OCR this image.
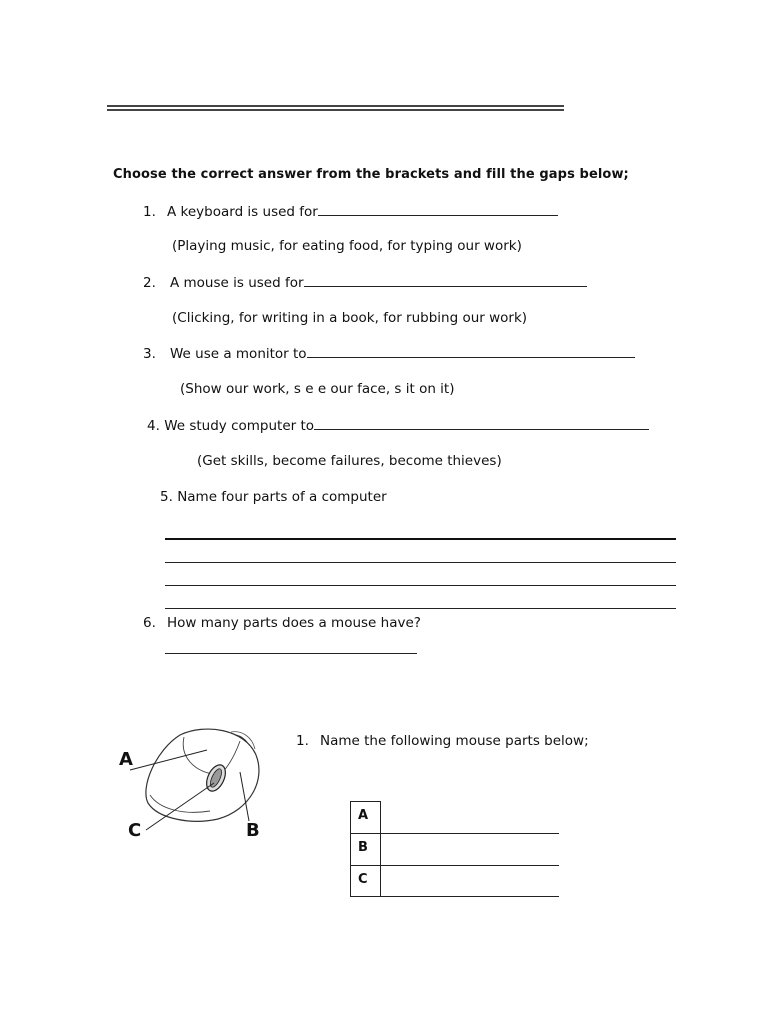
Choose the correct answer from the brackets and fill the gaps below;
1. A keyboard is used for
(Playing music, for eating food, for typing our work)
2. A mouse is used for
(Clicking, for writing in a book, for rubbing our work)
3. We use a monitor to
(Show our work, s e e our face, s it on it)
4. We study computer to
(Get skills, become failures, become thieves)
5. Name four parts of a computer
6. How many parts does a mouse have?
A
B
C
1. Name the following mouse parts below;
A	
B	
C	
